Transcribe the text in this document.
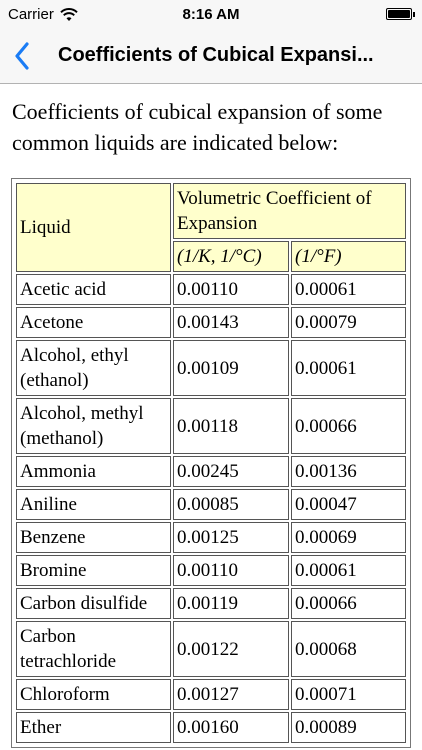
Carrier	8:16 AM
Coefficients of Cubical Expansi...
Coefficients of cubical expansion of some common liquids are indicated below:
Liquid	Volumetric Coefficient of Expansion	
	(1/K, 1/°C)	(1/°F)
Acetic acid	0.00110	0.00061
Acetone	0.00143	0.00079
Alcohol, ethyl (ethanol)	0.00109	0.00061
Alcohol, methyl (methanol)	0.00118	0.00066
Ammonia	0.00245	0.00136
Aniline	0.00085	0.00047
Benzene	0.00125	0.00069
Bromine	0.00110	0.00061
Carbon disulfide	0.00119	0.00066
Carbon tetrachloride	0.00122	0.00068
Chloroform	0.00127	0.00071
Ether	0.00160	0.00089
